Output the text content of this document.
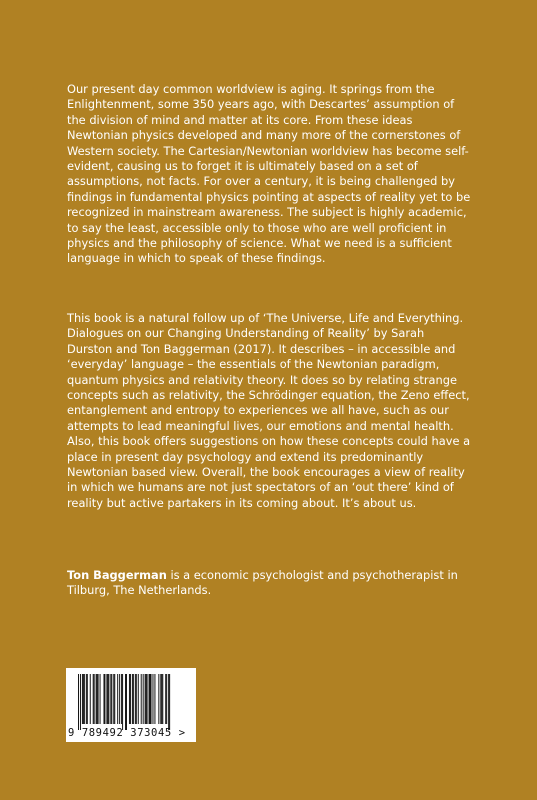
Our present day common worldview is aging. It springs from the Enlightenment, some 350 years ago, with Descartes’ assumption of the division of mind and matter at its core. From these ideas Newtonian physics developed and many more of the cornerstones of Western society. The Cartesian/Newtonian worldview has become self-evident, causing us to forget it is ultimately based on a set of assumptions, not facts. For over a century, it is being challenged by findings in fundamental physics pointing at aspects of reality yet to be recognized in mainstream awareness. The subject is highly academic, to say the least, accessible only to those who are well proficient in physics and the philosophy of science. What we need is a sufficient language in which to speak of these findings.

This book is a natural follow up of ‘The Universe, Life and Everything. Dialogues on our Changing Understanding of Reality’ by Sarah Durston and Ton Baggerman (2017). It describes – in accessible and ‘everyday’ language – the essentials of the Newtonian paradigm, quantum physics and relativity theory. It does so by relating strange concepts such as relativity, the Schrödinger equation, the Zeno effect, entanglement and entropy to experiences we all have, such as our attempts to lead meaningful lives, our emotions and mental health. Also, this book offers suggestions on how these concepts could have a place in present day psychology and extend its predominantly Newtonian based view. Overall, the book encourages a view of reality in which we humans are not just spectators of an ‘out there’ kind of reality but active partakers in its coming about. It’s about us.

Ton Baggerman is a economic psychologist and psychotherapist in Tilburg, The Netherlands.

9 789492 373045 >
